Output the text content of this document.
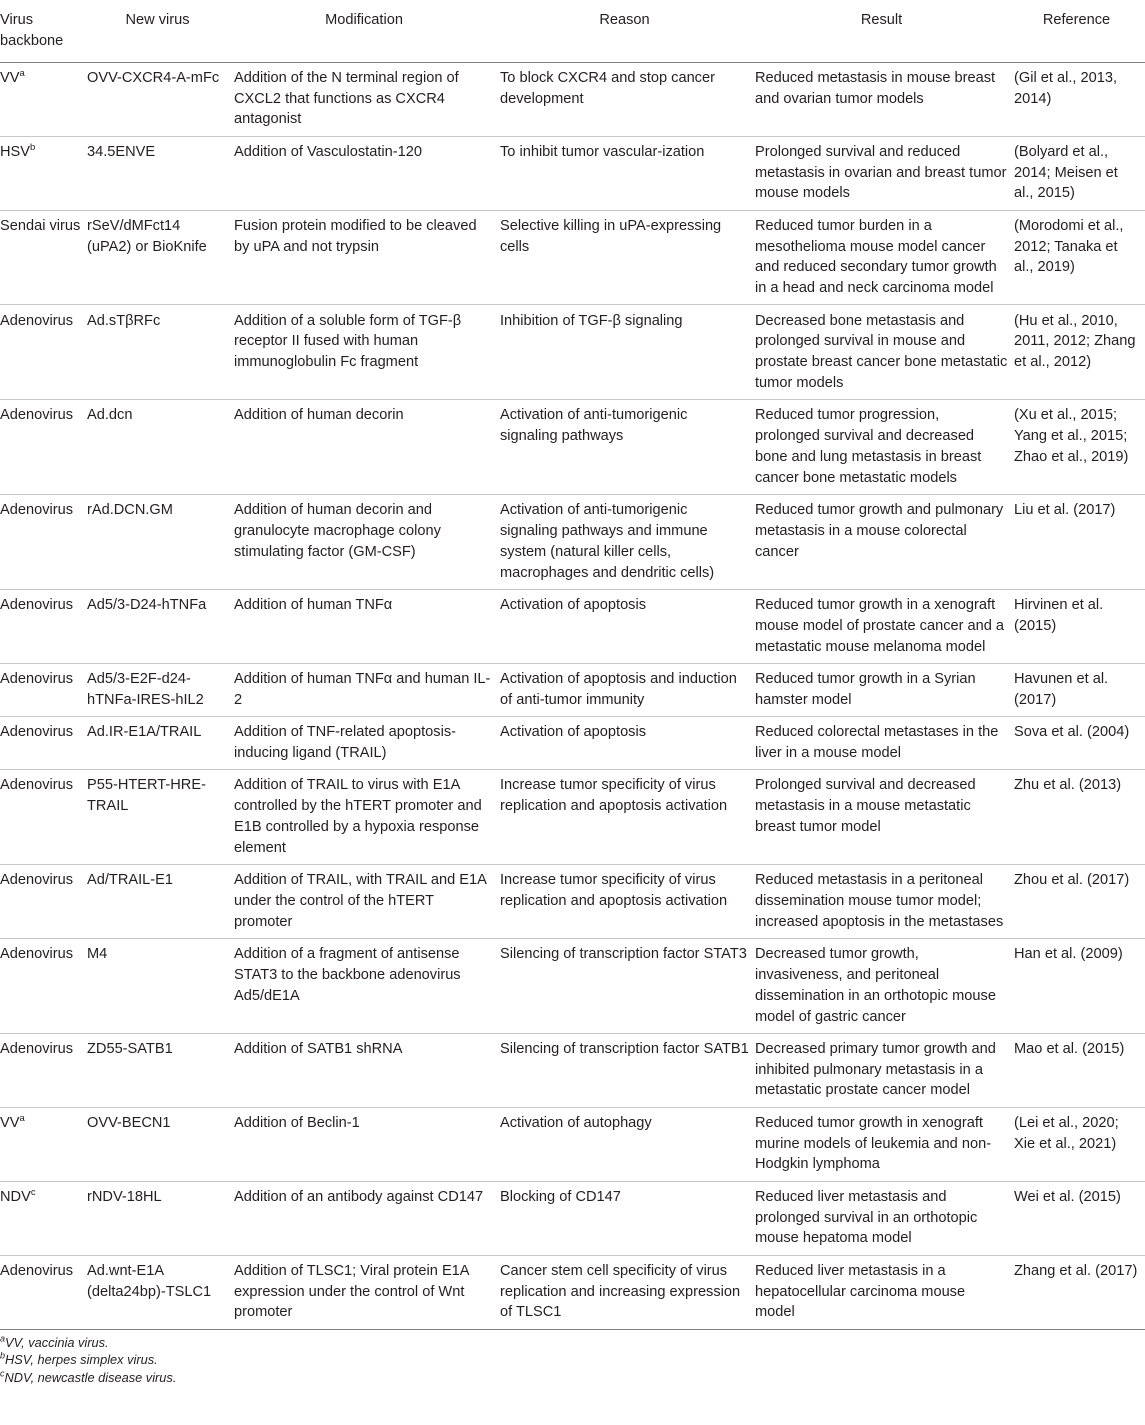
Virus backbone	New virus	Modification	Reason	Result	Reference
$VV^a$	OVV-CXCR4-A-mFc	Addition of the N terminal region of CXCL2 that functions as CXCR4 antagonist	To block CXCR4 and stop cancer development	Reduced metastasis in mouse breast and ovarian tumor models	(Gil et al., 2013, 2014)
HSV$^b$	34.5ENVE	Addition of Vasculostatin-120	To inhibit tumor vascular-ization	Prolonged survival and reduced metastasis in ovarian and breast tumor mouse models	(Bolyard et al., 2014; Meisen et al., 2015)
Sendai virus	rSeV/dMFct14 (uPA2) or BioKnife	Fusion protein modified to be cleaved by uPA and not trypsin	Selective killing in uPA-expressing cells	Reduced tumor burden in a mesothelioma mouse model cancer and reduced secondary tumor growth in a head and neck carcinoma model	(Morodomi et al., 2012; Tanaka et al., 2019)
Adenovirus	Ad.sTβRFc	Addition of a soluble form of TGF-β receptor II fused with human immunoglobulin Fc fragment	Inhibition of TGF-β signaling	Decreased bone metastasis and prolonged survival in mouse and prostate breast cancer bone metastatic tumor models	(Hu et al., 2010, 2011, 2012; Zhang et al., 2012)
Adenovirus	Ad.dcn	Addition of human decorin	Activation of anti-tumorigenic signaling pathways	Reduced tumor progression, prolonged survival and decreased bone and lung metastasis in breast cancer bone metastatic models	(Xu et al., 2015; Yang et al., 2015; Zhao et al., 2019)
Adenovirus	rAd.DCN.GM	Addition of human decorin and granulocyte macrophage colony stimulating factor (GM-CSF)	Activation of anti-tumorigenic signaling pathways and immune system (natural killer cells, macrophages and dendritic cells)	Reduced tumor growth and pulmonary metastasis in a mouse colorectal cancer	Liu et al. (2017)
Adenovirus	Ad5/3-D24-hTNFa	Addition of human TNFα	Activation of apoptosis	Reduced tumor growth in a xenograft mouse model of prostate cancer and a metastatic mouse melanoma model	Hirvinen et al. (2015)
Adenovirus	Ad5/3-E2F-d24-hTNFa-IRES-hIL2	Addition of human TNFα and human IL-2	Activation of apoptosis and induction of anti-tumor immunity	Reduced tumor growth in a Syrian hamster model	Havunen et al. (2017)
Adenovirus	Ad.IR-E1A/TRAIL	Addition of TNF-related apoptosis-inducing ligand (TRAIL)	Activation of apoptosis	Reduced colorectal metastases in the liver in a mouse model	Sova et al. (2004)
Adenovirus	P55-HTERT-HRE-TRAIL	Addition of TRAIL to virus with E1A controlled by the hTERT promoter and E1B controlled by a hypoxia response element	Increase tumor specificity of virus replication and apoptosis activation	Prolonged survival and decreased metastasis in a mouse metastatic breast tumor model	Zhu et al. (2013)
Adenovirus	Ad/TRAIL-E1	Addition of TRAIL, with TRAIL and E1A under the control of the hTERT promoter	Increase tumor specificity of virus replication and apoptosis activation	Reduced metastasis in a peritoneal dissemination mouse tumor model; increased apoptosis in the metastases	Zhou et al. (2017)
Adenovirus	M4	Addition of a fragment of antisense STAT3 to the backbone adenovirus Ad5/dE1A	Silencing of transcription factor STAT3	Decreased tumor growth, invasiveness, and peritoneal dissemination in an orthotopic mouse model of gastric cancer	Han et al. (2009)
Adenovirus	ZD55-SATB1	Addition of SATB1 shRNA	Silencing of transcription factor SATB1	Decreased primary tumor growth and inhibited pulmonary metastasis in a metastatic prostate cancer model	Mao et al. (2015)
$VV^a$	OVV-BECN1	Addition of Beclin-1	Activation of autophagy	Reduced tumor growth in xenograft murine models of leukemia and non-Hodgkin lymphoma	(Lei et al., 2020; Xie et al., 2021)
NDV$^c$	rNDV-18HL	Addition of an antibody against CD147	Blocking of CD147	Reduced liver metastasis and prolonged survival in an orthotopic mouse hepatoma model	Wei et al. (2015)
Adenovirus	Ad.wnt-E1A (delta24bp)-TSLC1	Addition of TLSC1; Viral protein E1A expression under the control of Wnt promoter	Cancer stem cell specificity of virus replication and increasing expression of TLSC1	Reduced liver metastasis in a hepatocellular carcinoma mouse model	Zhang et al. (2017)
$^a$VV, vaccinia virus.
$^b$HSV, herpes simplex virus.
$^c$NDV, newcastle disease virus.
